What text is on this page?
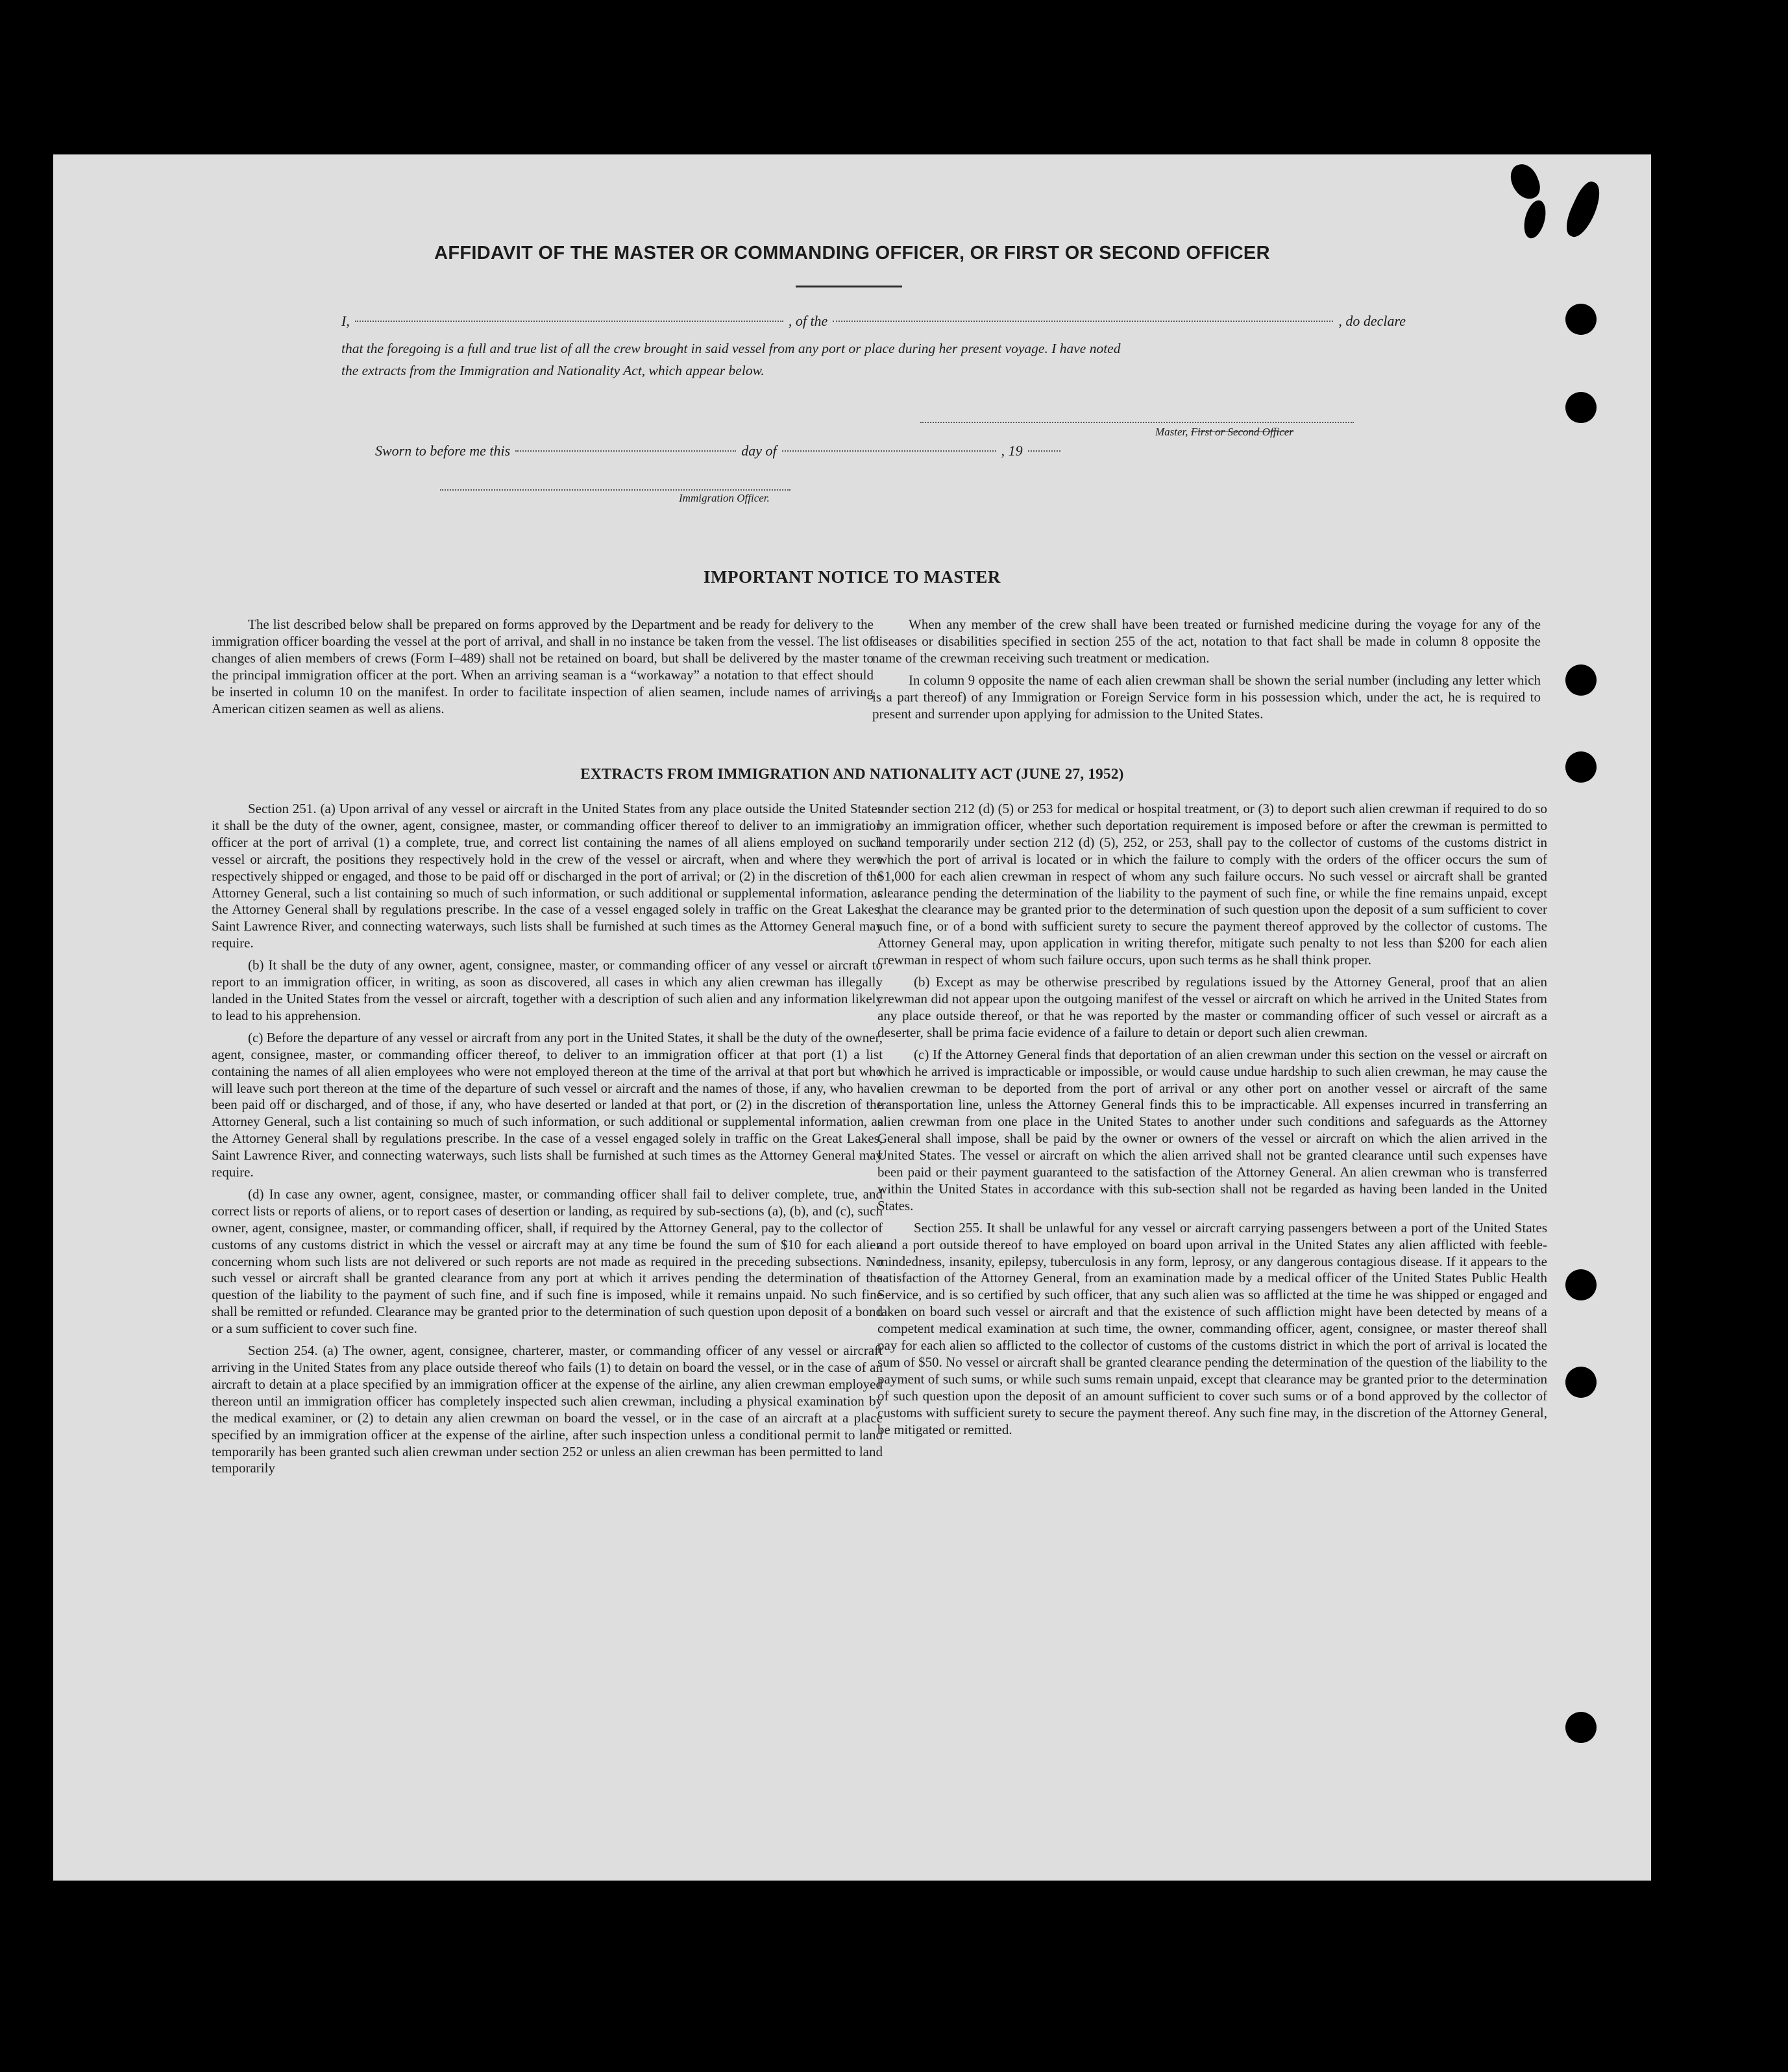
AFFIDAVIT OF THE MASTER OR COMMANDING OFFICER, OR FIRST OR SECOND OFFICER
I,	, of the	, do declare
that the foregoing is a full and true list of all the crew brought in said vessel from any port or place during her present voyage. I have noted
the extracts from the Immigration and Nationality Act, which appear below.
Master, First or Second Officer
Sworn to before me this	day of	, 19
Immigration Officer.
IMPORTANT NOTICE TO MASTER

The list described below shall be prepared on forms approved by the Department and be ready for delivery to the immigration officer boarding the vessel at the port of arrival, and shall in no instance be taken from the vessel. The list of changes of alien members of crews (Form I–489) shall not be retained on board, but shall be delivered by the master to the principal immigration officer at the port. When an arriving seaman is a “workaway” a notation to that effect should be inserted in column 10 on the manifest. In order to facilitate inspection of alien seamen, include names of arriving American citizen seamen as well as aliens.

When any member of the crew shall have been treated or furnished medicine during the voyage for any of the diseases or disabilities specified in section 255 of the act, notation to that fact shall be made in column 8 opposite the name of the crewman receiving such treatment or medication.

In column 9 opposite the name of each alien crewman shall be shown the serial number (including any letter which is a part thereof) of any Immigration or Foreign Service form in his possession which, under the act, he is required to present and surrender upon applying for admission to the United States.

EXTRACTS FROM IMMIGRATION AND NATIONALITY ACT (JUNE 27, 1952)

Section 251. (a) Upon arrival of any vessel or aircraft in the United States from any place outside the United States it shall be the duty of the owner, agent, consignee, master, or commanding officer thereof to deliver to an immigration officer at the port of arrival (1) a complete, true, and correct list containing the names of all aliens employed on such vessel or aircraft, the positions they respectively hold in the crew of the vessel or aircraft, when and where they were respectively shipped or engaged, and those to be paid off or discharged in the port of arrival; or (2) in the discretion of the Attorney General, such a list containing so much of such information, or such additional or supplemental information, as the Attorney General shall by regulations prescribe. In the case of a vessel engaged solely in traffic on the Great Lakes, Saint Lawrence River, and connecting waterways, such lists shall be furnished at such times as the Attorney General may require.

(b) It shall be the duty of any owner, agent, consignee, master, or commanding officer of any vessel or aircraft to report to an immigration officer, in writing, as soon as discovered, all cases in which any alien crewman has illegally landed in the United States from the vessel or aircraft, together with a description of such alien and any information likely to lead to his apprehension.

(c) Before the departure of any vessel or aircraft from any port in the United States, it shall be the duty of the owner, agent, consignee, master, or commanding officer thereof, to deliver to an immigration officer at that port (1) a list containing the names of all alien employees who were not employed thereon at the time of the arrival at that port but who will leave such port thereon at the time of the departure of such vessel or aircraft and the names of those, if any, who have been paid off or discharged, and of those, if any, who have deserted or landed at that port, or (2) in the discretion of the Attorney General, such a list containing so much of such information, or such additional or supplemental information, as the Attorney General shall by regulations prescribe. In the case of a vessel engaged solely in traffic on the Great Lakes, Saint Lawrence River, and connecting waterways, such lists shall be furnished at such times as the Attorney General may require.

(d) In case any owner, agent, consignee, master, or commanding officer shall fail to deliver complete, true, and correct lists or reports of aliens, or to report cases of desertion or landing, as required by sub-sections (a), (b), and (c), such owner, agent, consignee, master, or commanding officer, shall, if required by the Attorney General, pay to the collector of customs of any customs district in which the vessel or aircraft may at any time be found the sum of $10 for each alien concerning whom such lists are not delivered or such reports are not made as required in the preceding subsections. No such vessel or aircraft shall be granted clearance from any port at which it arrives pending the determination of the question of the liability to the payment of such fine, and if such fine is imposed, while it remains unpaid. No such fine shall be remitted or refunded. Clearance may be granted prior to the determination of such question upon deposit of a bond or a sum sufficient to cover such fine.

Section 254. (a) The owner, agent, consignee, charterer, master, or commanding officer of any vessel or aircraft arriving in the United States from any place outside thereof who fails (1) to detain on board the vessel, or in the case of an aircraft to detain at a place specified by an immigration officer at the expense of the airline, any alien crewman employed thereon until an immigration officer has completely inspected such alien crewman, including a physical examination by the medical examiner, or (2) to detain any alien crewman on board the vessel, or in the case of an aircraft at a place specified by an immigration officer at the expense of the airline, after such inspection unless a conditional permit to land temporarily has been granted such alien crewman under section 252 or unless an alien crewman has been permitted to land temporarily

under section 212 (d) (5) or 253 for medical or hospital treatment, or (3) to deport such alien crewman if required to do so by an immigration officer, whether such deportation requirement is imposed before or after the crewman is permitted to land temporarily under section 212 (d) (5), 252, or 253, shall pay to the collector of customs of the customs district in which the port of arrival is located or in which the failure to comply with the orders of the officer occurs the sum of $1,000 for each alien crewman in respect of whom any such failure occurs. No such vessel or aircraft shall be granted clearance pending the determination of the liability to the payment of such fine, or while the fine remains unpaid, except that the clearance may be granted prior to the determination of such question upon the deposit of a sum sufficient to cover such fine, or of a bond with sufficient surety to secure the payment thereof approved by the collector of customs. The Attorney General may, upon application in writing therefor, mitigate such penalty to not less than $200 for each alien crewman in respect of whom such failure occurs, upon such terms as he shall think proper.

(b) Except as may be otherwise prescribed by regulations issued by the Attorney General, proof that an alien crewman did not appear upon the outgoing manifest of the vessel or aircraft on which he arrived in the United States from any place outside thereof, or that he was reported by the master or commanding officer of such vessel or aircraft as a deserter, shall be prima facie evidence of a failure to detain or deport such alien crewman.

(c) If the Attorney General finds that deportation of an alien crewman under this section on the vessel or aircraft on which he arrived is impracticable or impossible, or would cause undue hardship to such alien crewman, he may cause the alien crewman to be deported from the port of arrival or any other port on another vessel or aircraft of the same transportation line, unless the Attorney General finds this to be impracticable. All expenses incurred in transferring an alien crewman from one place in the United States to another under such conditions and safeguards as the Attorney General shall impose, shall be paid by the owner or owners of the vessel or aircraft on which the alien arrived in the United States. The vessel or aircraft on which the alien arrived shall not be granted clearance until such expenses have been paid or their payment guaranteed to the satisfaction of the Attorney General. An alien crewman who is transferred within the United States in accordance with this sub-section shall not be regarded as having been landed in the United States.

Section 255. It shall be unlawful for any vessel or aircraft carrying passengers between a port of the United States and a port outside thereof to have employed on board upon arrival in the United States any alien afflicted with feeble-mindedness, insanity, epilepsy, tuberculosis in any form, leprosy, or any dangerous contagious disease. If it appears to the satisfaction of the Attorney General, from an examination made by a medical officer of the United States Public Health Service, and is so certified by such officer, that any such alien was so afflicted at the time he was shipped or engaged and taken on board such vessel or aircraft and that the existence of such affliction might have been detected by means of a competent medical examination at such time, the owner, commanding officer, agent, consignee, or master thereof shall pay for each alien so afflicted to the collector of customs of the customs district in which the port of arrival is located the sum of $50. No vessel or aircraft shall be granted clearance pending the determination of the question of the liability to the payment of such sums, or while such sums remain unpaid, except that clearance may be granted prior to the determination of such question upon the deposit of an amount sufficient to cover such sums or of a bond approved by the collector of customs with sufficient surety to secure the payment thereof. Any such fine may, in the discretion of the Attorney General, be mitigated or remitted.
